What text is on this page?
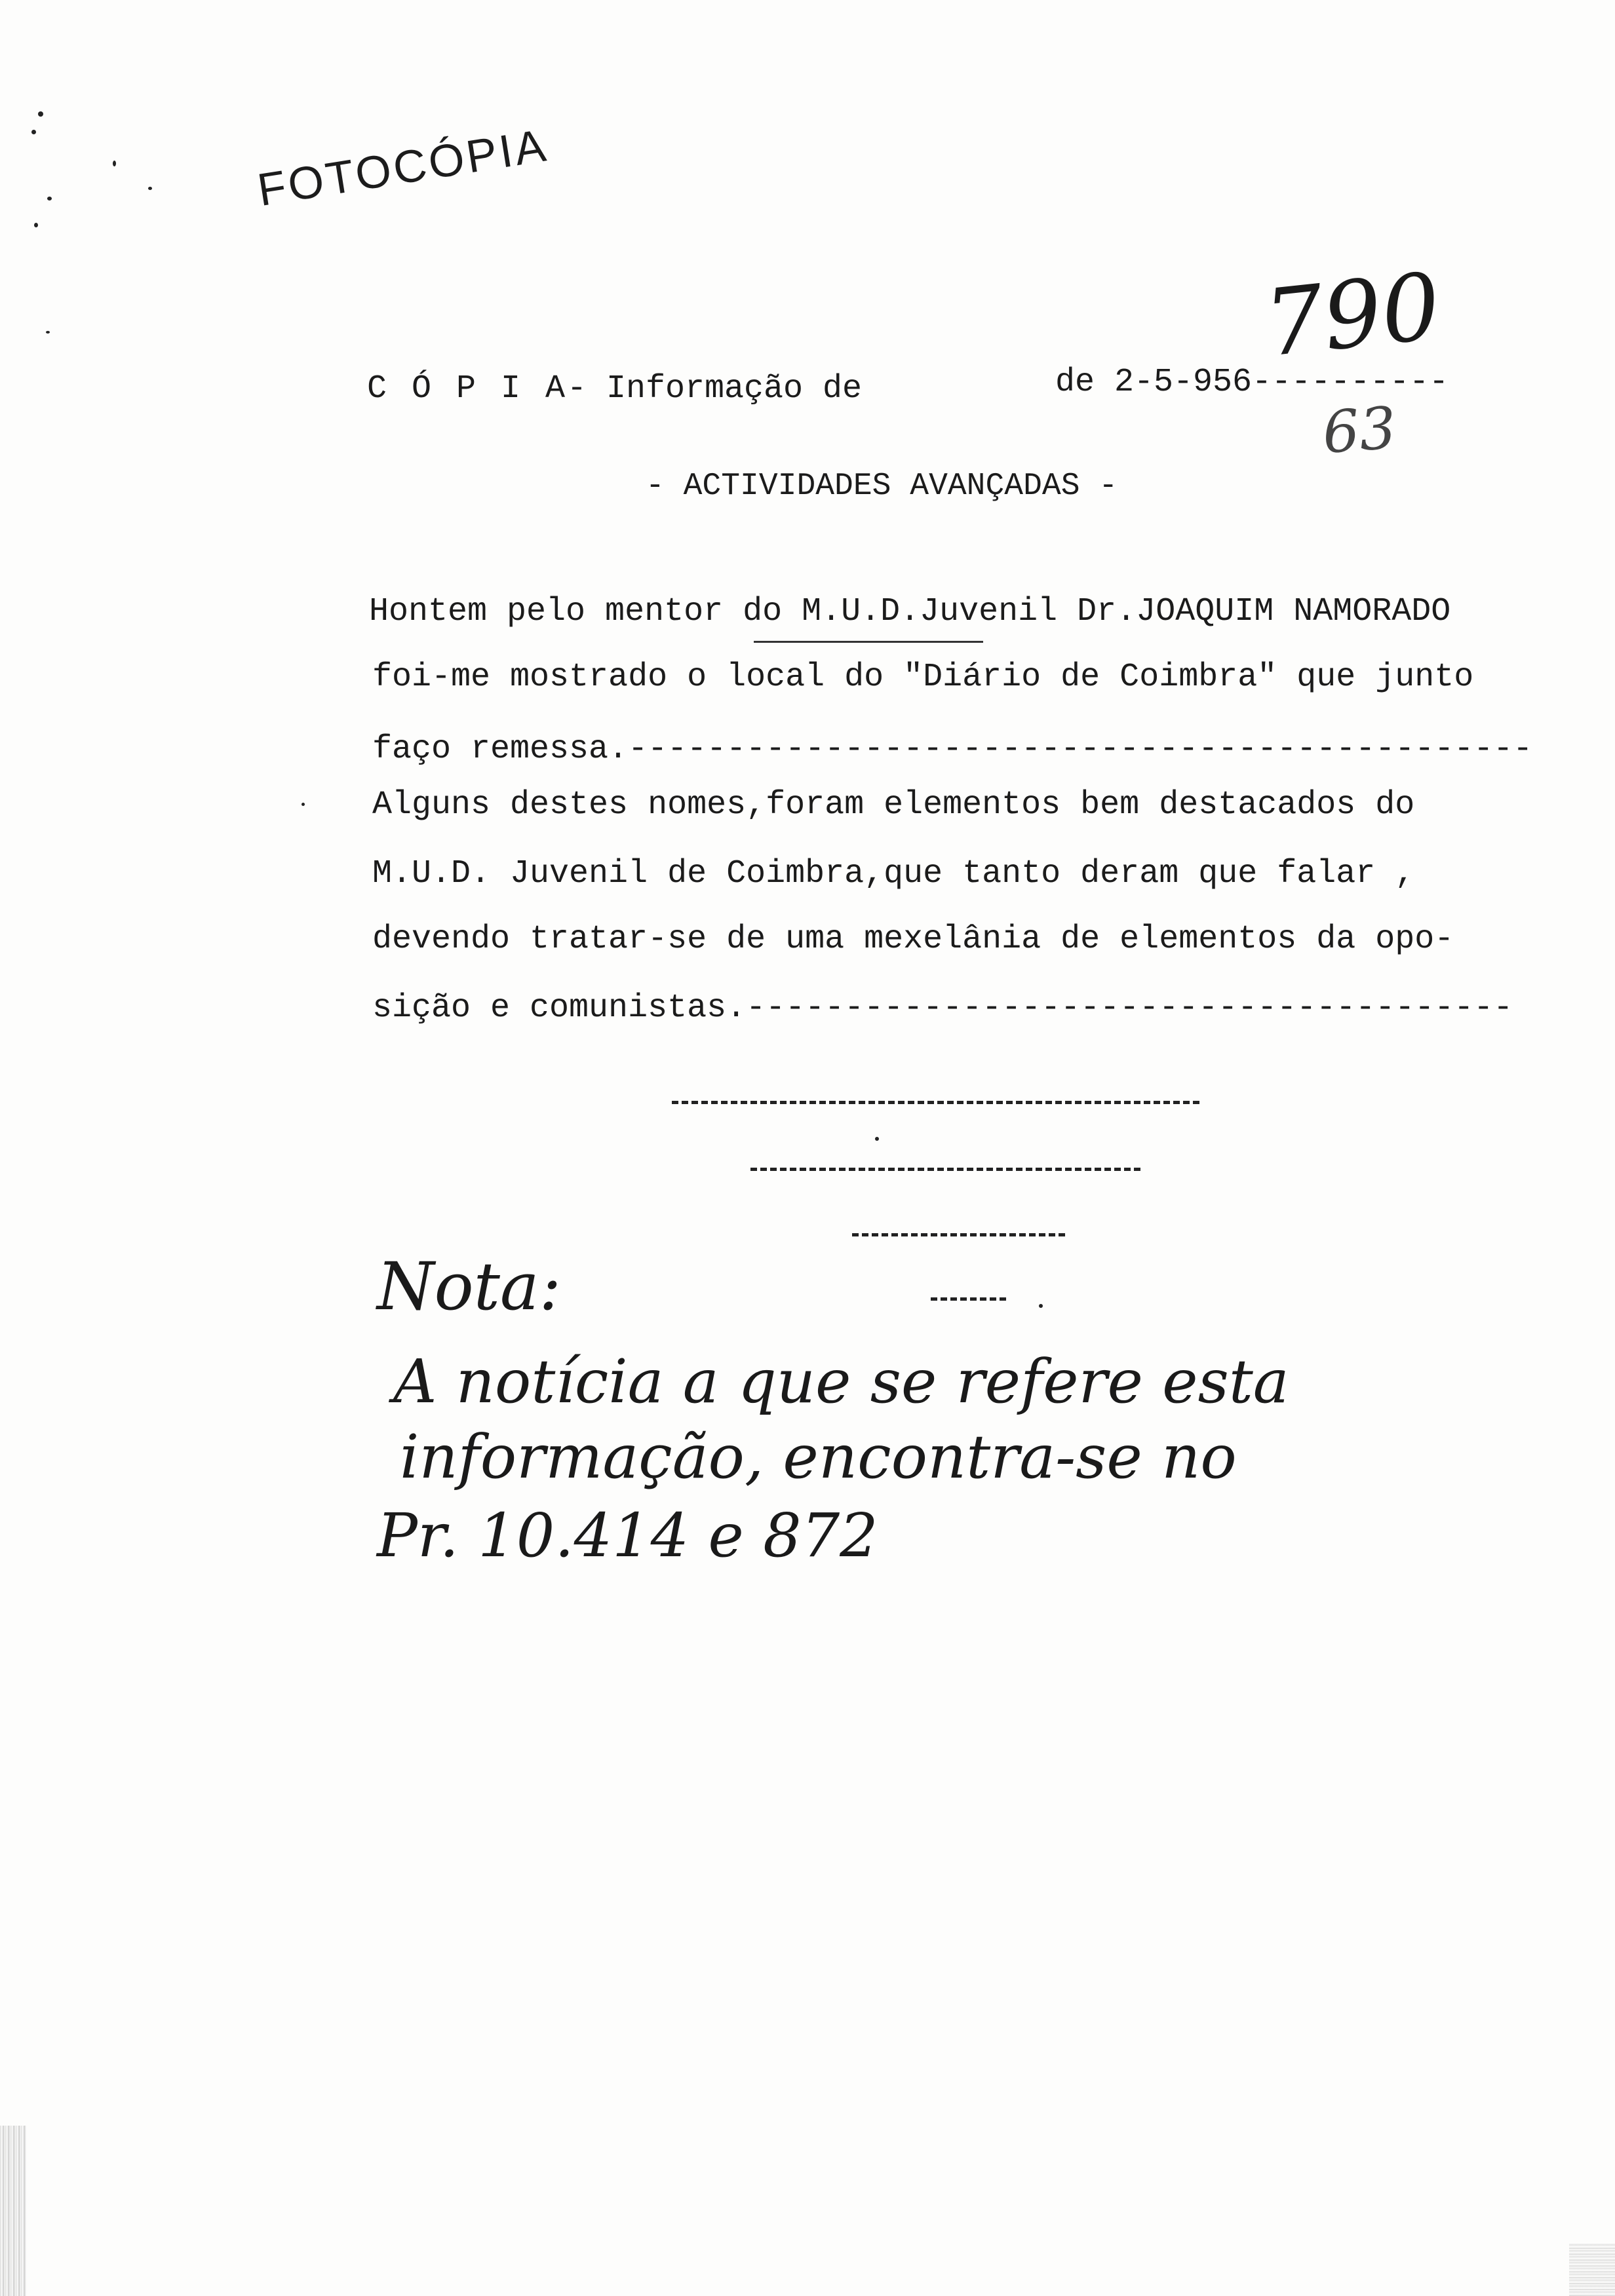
FOTOCÓPIA
790
63
C Ó P I A
- Informação de	de 2-5-956----------
- ACTIVIDADES AVANÇADAS -
Hontem pelo mentor do M.U.D.Juvenil Dr.JOAQUIM NAMORADO
foi-me mostrado o local do "Diário de Coimbra" que junto
faço remessa.----------------------------------------------
Alguns destes nomes,foram elementos bem destacados do
M.U.D. Juvenil de Coimbra,que tanto deram que falar ,
devendo tratar-se de uma mexelânia de elementos da opo-
sição e comunistas.---------------------------------------
Nota:
A notícia a que se refere esta
informação, encontra-se no
Pr. 10.414 e 872
